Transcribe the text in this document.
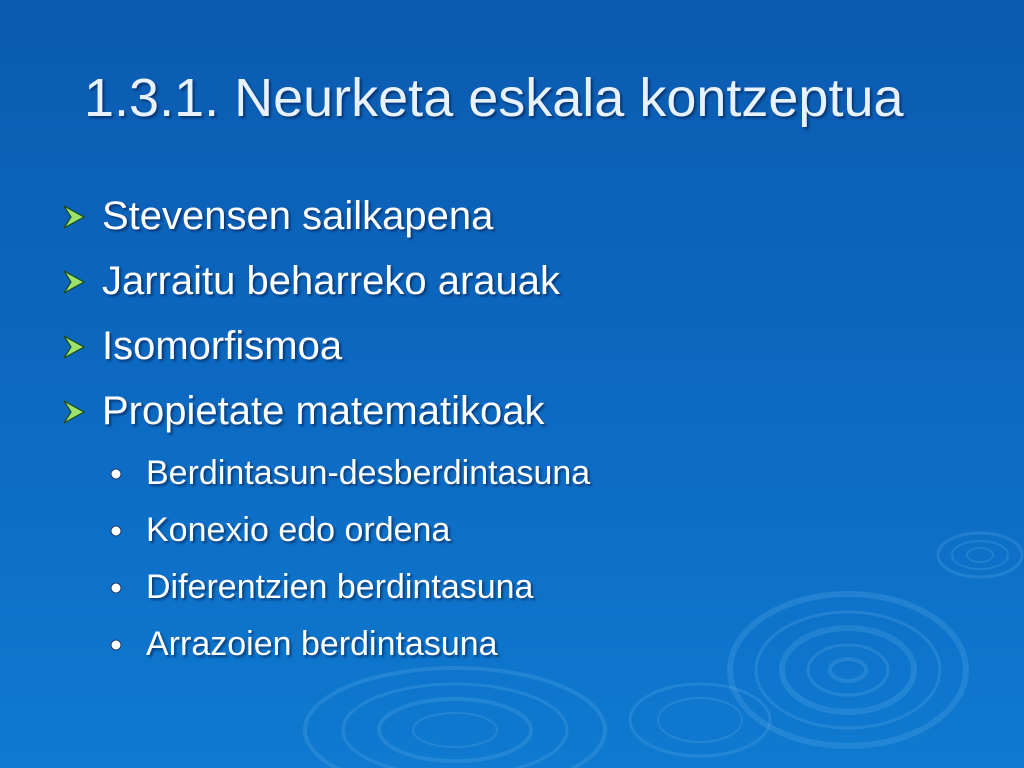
1.3.1. Neurketa eskala kontzeptua
Stevensen sailkapena
Jarraitu beharreko arauak
Isomorfismoa
Propietate matematikoak
Berdintasun-desberdintasuna
Konexio edo ordena
Diferentzien berdintasuna
Arrazoien berdintasuna
